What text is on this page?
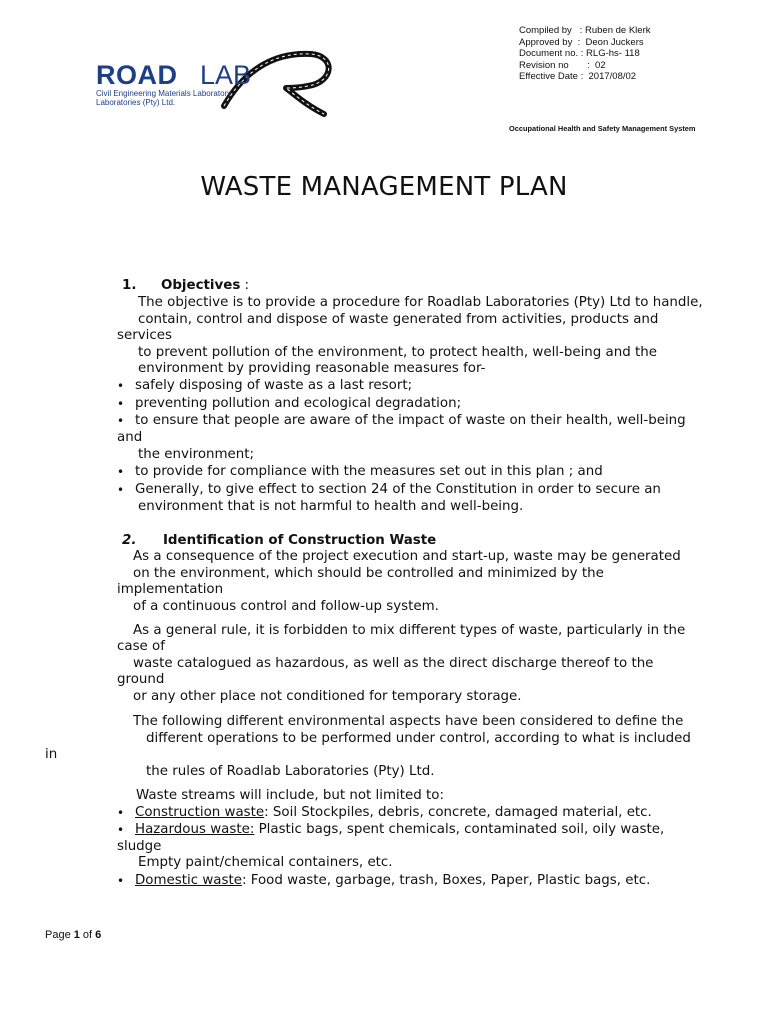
ROAD LAB
Civil Engineering Materials Laboratory
Laboratories (Pty) Ltd.
Compiled by   : Ruben de Klerk
Approved by  :  Deon Juckers
Document no. : RLG-hs- 118
Revision no       :  02
Effective Date :  2017/08/02
Occupational Health and Safety Management System
WASTE MANAGEMENT PLAN
1. Objectives :
The objective is to provide a procedure for Roadlab Laboratories (Pty) Ltd to handle,
contain, control and dispose of waste generated from activities, products and
services
to prevent pollution of the environment, to protect health, well-being and the
environment by providing reasonable measures for-
• safely disposing of waste as a last resort;
• preventing pollution and ecological degradation;
• to ensure that people are aware of the impact of waste on their health, well-being
and
the environment;
• to provide for compliance with the measures set out in this plan ; and
• Generally, to give effect to section 24 of the Constitution in order to secure an
environment that is not harmful to health and well-being.
2. Identification of Construction Waste
As a consequence of the project execution and start-up, waste may be generated
on the environment, which should be controlled and minimized by the
implementation
of a continuous control and follow-up system.
As a general rule, it is forbidden to mix different types of waste, particularly in the
case of
waste catalogued as hazardous, as well as the direct discharge thereof to the
ground
or any other place not conditioned for temporary storage.
The following different environmental aspects have been considered to define the
different operations to be performed under control, according to what is included
in
the rules of Roadlab Laboratories (Pty) Ltd.
Waste streams will include, but not limited to:
• Construction waste: Soil Stockpiles, debris, concrete, damaged material, etc.
• Hazardous waste: Plastic bags, spent chemicals, contaminated soil, oily waste,
sludge
Empty paint/chemical containers, etc.
• Domestic waste: Food waste, garbage, trash, Boxes, Paper, Plastic bags, etc.
Page 1 of 6
